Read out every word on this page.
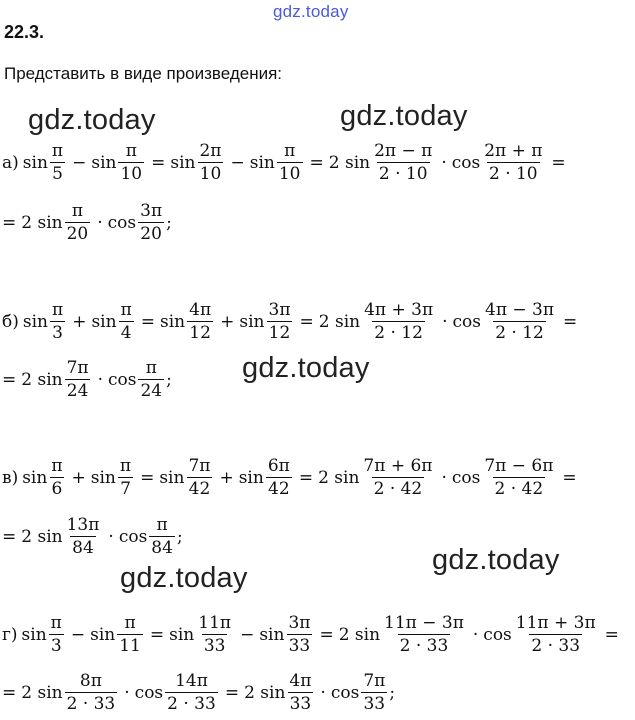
gdz.today
gdz.today	gdz.today
gdz.today
gdz.today
gdz.today
22.3.
Представить в виде произведения:
а) $\sin \frac{\pi}{5} - \sin \frac{\pi}{10} = \sin \frac{2\pi}{10} - \sin \frac{\pi}{10} = 2$ $\sin \frac{2\pi - \pi}{2 \cdot 10} \cdot \cos \frac{2\pi + \pi}{2 \cdot 10}$ =
= 2 $\sin \frac{\pi}{20} \cdot \cos \frac{3\pi}{20}$ ;
б) $\sin \frac{\pi}{3} + \sin \frac{\pi}{4} = \sin \frac{4\pi}{12} + \sin \frac{3\pi}{12} = 2$ $\sin \frac{4\pi + 3\pi}{2 \cdot 12} \cdot \cos \frac{4\pi - 3\pi}{2 \cdot 12}$ =
= 2 $\sin \frac{7\pi}{24} \cdot \cos \frac{\pi}{24}$ ;
в) $\sin \frac{\pi}{6} + \sin \frac{\pi}{7} = \sin \frac{7\pi}{42} + \sin \frac{6\pi}{42} = 2$ $\sin \frac{7\pi + 6\pi}{2 \cdot 42} \cdot \cos \frac{7\pi - 6\pi}{2 \cdot 42}$ =
= 2 $\sin \frac{13\pi}{84} \cdot \cos \frac{\pi}{84}$ ;
г) $\sin \frac{\pi}{3} - \sin \frac{\pi}{11} = \sin \frac{11\pi}{33} - \sin \frac{3\pi}{33} = 2$ $\sin \frac{11\pi - 3\pi}{2 \cdot 33} \cdot \cos \frac{11\pi + 3\pi}{2 \cdot 33}$ =
= 2 $\sin \frac{8\pi}{2 \cdot 33} \cdot \cos \frac{14\pi}{2 \cdot 33} = 2$ $\sin \frac{4\pi}{33} \cdot \cos \frac{7\pi}{33}$ ;
